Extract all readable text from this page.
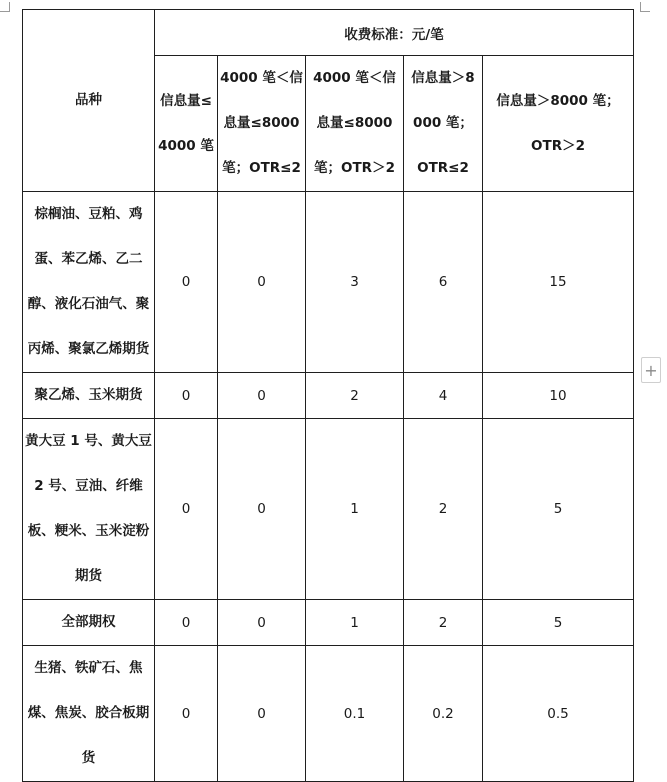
品种	收费标准：元/笔				
	信息量≤4000 笔	4000 笔＜信息量≤8000 笔；OTR≤2	4000 笔＜信息量≤8000 笔；OTR＞2	信息量＞8000 笔；OTR≤2	信息量＞8000 笔；OTR＞2
棕榈油、豆粕、鸡蛋、苯乙烯、乙二醇、液化石油气、聚丙烯、聚氯乙烯期货	0	0	3	6	15
聚乙烯、玉米期货	0	0	2	4	10
黄大豆 1 号、黄大豆 2 号、豆油、纤维板、粳米、玉米淀粉期货	0	0	1	2	5
全部期权	0	0	1	2	5
生猪、铁矿石、焦煤、焦炭、胶合板期货	0	0	0.1	0.2	0.5
+
